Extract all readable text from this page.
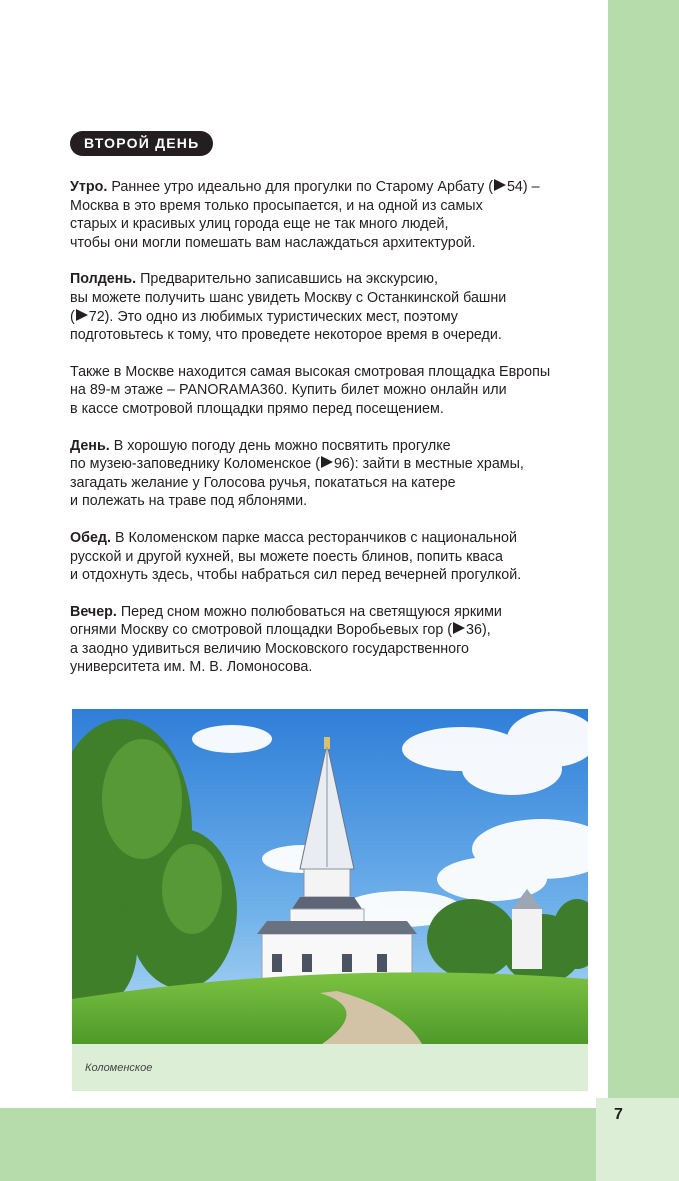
7
ВТОРОЙ ДЕНЬ

Утро. Раннее утро идеально для прогулки по Старому Арбату ( 54) –
Москва в это время только просыпается, и на одной из самых
старых и красивых улиц города еще не так много людей,
чтобы они могли помешать вам наслаждаться архитектурой.

Полдень. Предварительно записавшись на экскурсию,
вы можете получить шанс увидеть Москву с Останкинской башни
( 72). Это одно из любимых туристических мест, поэтому
подготовьтесь к тому, что проведете некоторое время в очереди.

Также в Москве находится самая высокая смотровая площадка Европы
на 89-м этаже – PANORAMA360. Купить билет можно онлайн или
в кассе смотровой площадки прямо перед посещением.

День. В хорошую погоду день можно посвятить прогулке
по музею-заповеднику Коломенское ( 96): зайти в местные храмы,
загадать желание у Голосова ручья, покататься на катере
и полежать на траве под яблонями.

Обед. В Коломенском парке масса ресторанчиков с национальной
русской и другой кухней, вы можете поесть блинов, попить кваса
и отдохнуть здесь, чтобы набраться сил перед вечерней прогулкой.

Вечер. Перед сном можно полюбоваться на светящуюся яркими
огнями Москву со смотровой площадки Воробьевых гор ( 36),
а заодно удивиться величию Московского государственного
университета им. М. В. Ломоносова.

Коломенское
